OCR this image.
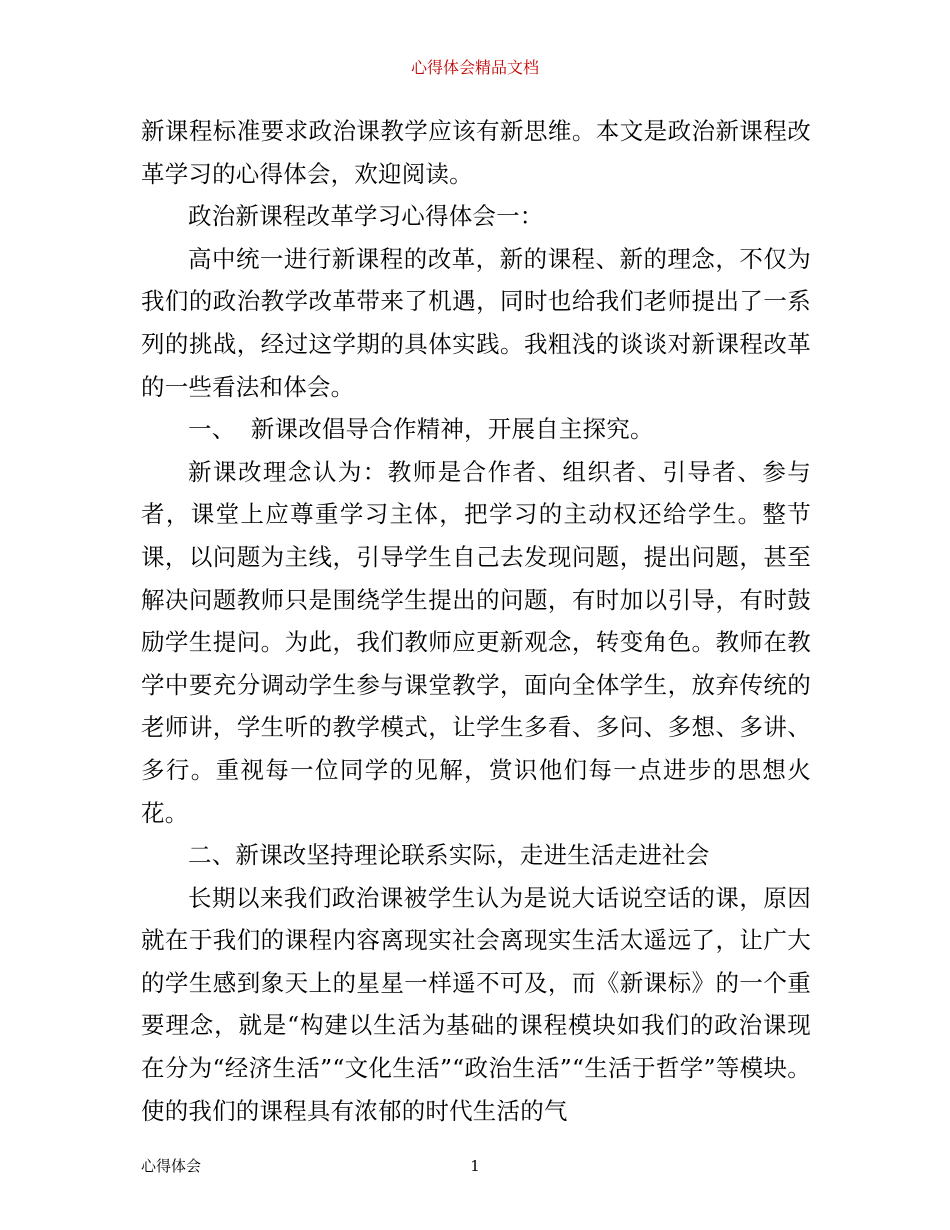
心得体会精品文档

新课程标准要求政治课教学应该有新思维。本文是政治新课程改革学习的心得体会，欢迎阅读。

政治新课程改革学习心得体会一：

高中统一进行新课程的改革，新的课程、新的理念，不仅为我们的政治教学改革带来了机遇，同时也给我们老师提出了一系列的挑战，经过这学期的具体实践。我粗浅的谈谈对新课程改革的一些看法和体会。

一、  新课改倡导合作精神，开展自主探究。

新课改理念认为：教师是合作者、组织者、引导者、参与者，课堂上应尊重学习主体，把学习的主动权还给学生。整节课，以问题为主线，引导学生自己去发现问题，提出问题，甚至解决问题教师只是围绕学生提出的问题，有时加以引导，有时鼓励学生提问。为此，我们教师应更新观念，转变角色。教师在教学中要充分调动学生参与课堂教学，面向全体学生，放弃传统的老师讲，学生听的教学模式，让学生多看、多问、多想、多讲、多行。重视每一位同学的见解，赏识他们每一点进步的思想火花。

二、新课改坚持理论联系实际，走进生活走进社会

长期以来我们政治课被学生认为是说大话说空话的课，原因就在于我们的课程内容离现实社会离现实生活太遥远了，让广大的学生感到象天上的星星一样遥不可及，而《新课标》的一个重要理念，就是“构建以生活为基础的课程模块如我们的政治课现在分为“经济生活”“文化生活”“政治生活”“生活于哲学”等模块。使的我们的课程具有浓郁的时代生活的气

心得体会	1
